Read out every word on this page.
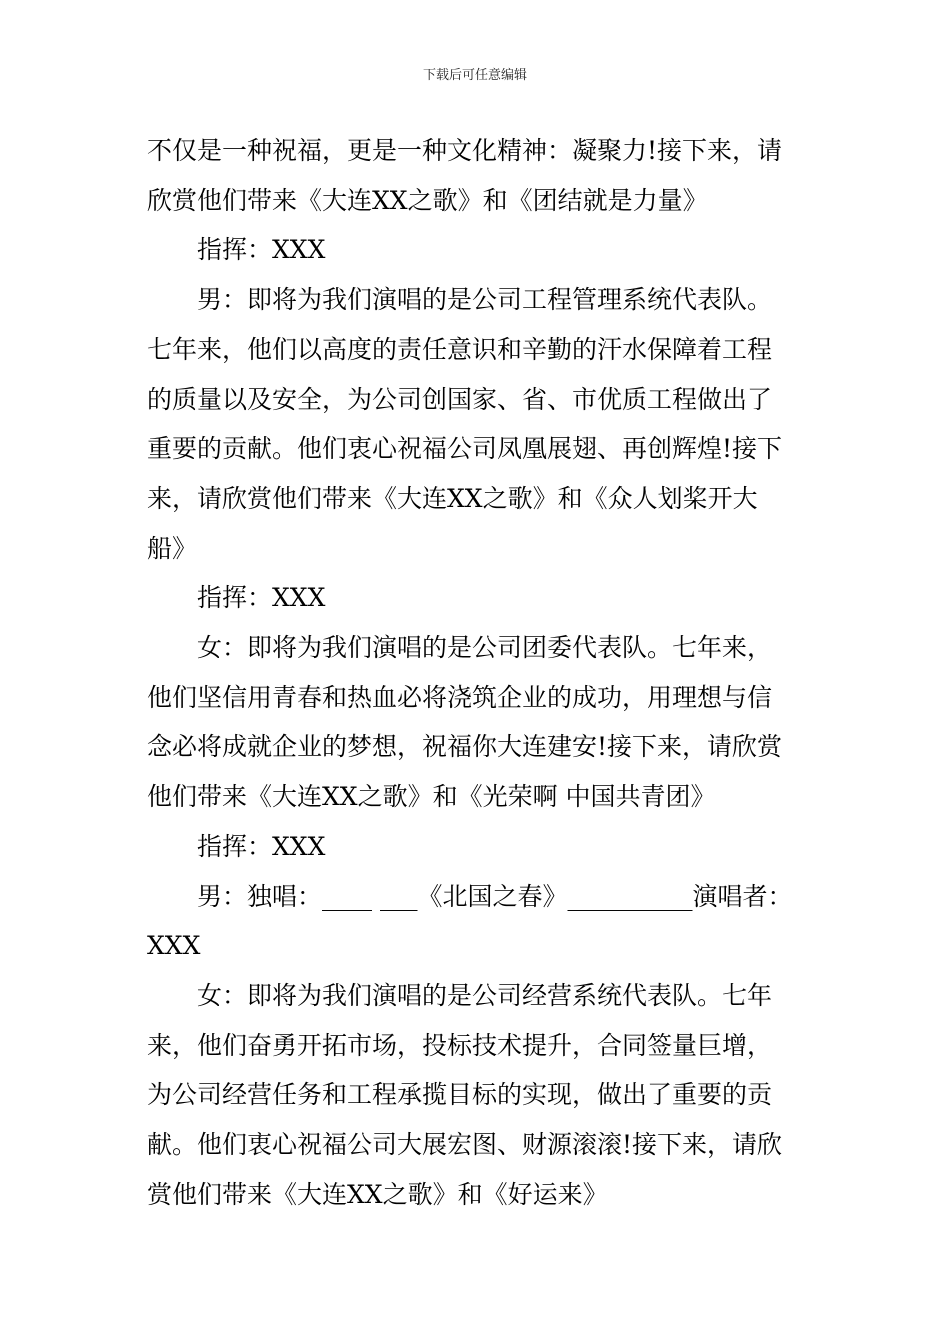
下载后可任意编辑

不仅是一种祝福，更是一种文化精神：凝聚力!接下来，请

欣赏他们带来《大连XX之歌》和《团结就是力量》

指挥：XXX

男：即将为我们演唱的是公司工程管理系统代表队。

七年来，他们以高度的责任意识和辛勤的汗水保障着工程

的质量以及安全，为公司创国家、省、市优质工程做出了

重要的贡献。他们衷心祝福公司凤凰展翅、再创辉煌!接下

来，请欣赏他们带来《大连XX之歌》和《众人划桨开大

船》

指挥：XXX

女：即将为我们演唱的是公司团委代表队。七年来，

他们坚信用青春和热血必将浇筑企业的成功，用理想与信

念必将成就企业的梦想，祝福你大连建安!接下来，请欣赏

他们带来《大连XX之歌》和《光荣啊 中国共青团》

指挥：XXX

男：独唱：____ ___《北国之春》__________演唱者：

XXX

女：即将为我们演唱的是公司经营系统代表队。七年

来，他们奋勇开拓市场，投标技术提升，合同签量巨增，

为公司经营任务和工程承揽目标的实现，做出了重要的贡

献。他们衷心祝福公司大展宏图、财源滚滚!接下来，请欣

赏他们带来《大连XX之歌》和《好运来》
